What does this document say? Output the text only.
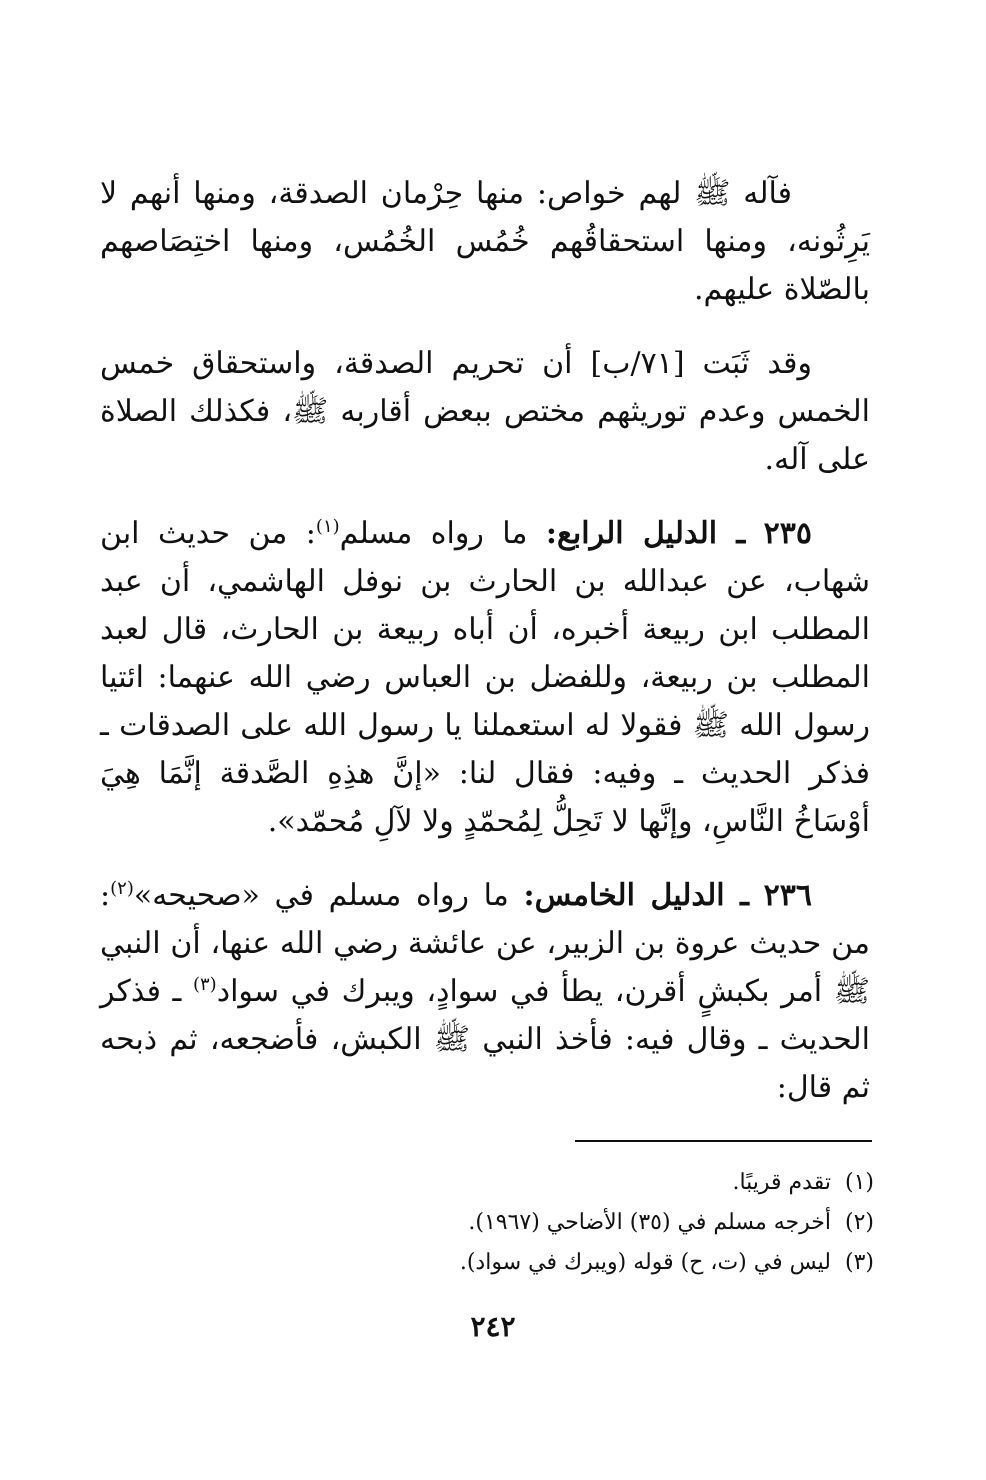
فآله ﷺ لهم خواص: منها حِرْمان الصدقة، ومنها أنهم لا يَرِثُونه، ومنها استحقاقُهم خُمُس الخُمُس، ومنها اختِصَاصهم بالصّلاة عليهم.

وقد ثَبَت [٧١/ب] أن تحريم الصدقة، واستحقاق خمس الخمس وعدم توريثهم مختص ببعض أقاربه ﷺ، فكذلك الصلاة على آله.

٢٣٥ ـ الدليل الرابع: ما رواه مسلم$^{(١)}$: من حديث ابن شهاب، عن عبدالله بن الحارث بن نوفل الهاشمي، أن عبد المطلب ابن ربيعة أخبره، أن أباه ربيعة بن الحارث، قال لعبد المطلب بن ربيعة، وللفضل بن العباس رضي الله عنهما: ائتيا رسول الله ﷺ فقولا له استعملنا يا رسول الله على الصدقات ـ فذكر الحديث ـ وفيه: فقال لنا: «إنَّ هذِهِ الصَّدقة إنَّمَا هِيَ أوْسَاخُ النَّاسِ، وإنَّها لا تَحِلُّ لِمُحمّدٍ ولا لآلِ مُحمّد».

٢٣٦ ـ الدليل الخامس: ما رواه مسلم في «صحيحه»$^{(٢)}$: من حديث عروة بن الزبير، عن عائشة رضي الله عنها، أن النبي ﷺ أمر بكبشٍ أقرن، يطأ في سوادٍ، ويبرك في سواد$^{(٣)}$ ـ فذكر الحديث ـ وقال فيه: فأخذ النبي ﷺ الكبش، فأضجعه، ثم ذبحه ثم قال:

(١)تقدم قريبًا.

(٢)أخرجه مسلم في (٣٥) الأضاحي (١٩٦٧).

(٣)ليس في (ت، ح) قوله (ويبرك في سواد).

٢٤٢
